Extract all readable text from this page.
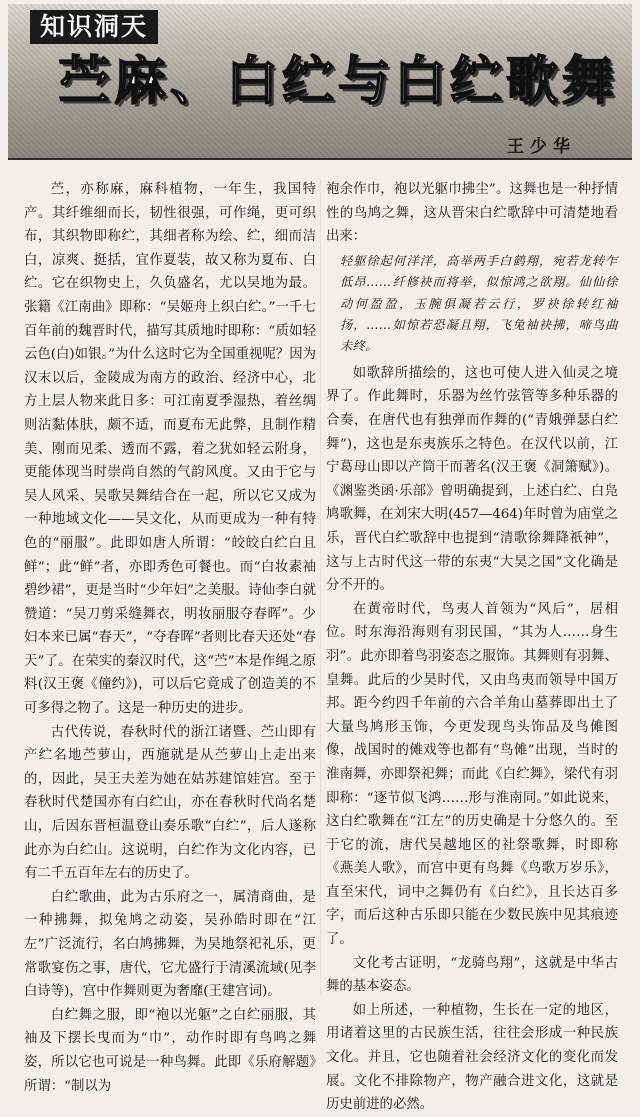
知识洞天
苎麻、白纻与白纻歌舞
王少华

苎，亦称麻，麻科植物，一年生，我国特产。其纤维细而长，韧性很强，可作绳，更可织布，其织物即称纻，其细者称为绘、纻，细而洁白，凉爽、挺括，宜作夏装，故又称为夏布、白纻。它在织物史上，久负盛名，尤以吴地为最。张籍《江南曲》即称：“吴姬舟上织白纻。”一千七百年前的魏晋时代，描写其质地时即称：“质如轻云色(白)如银。”为什么这时它为全国重视呢？因为汉末以后，金陵成为南方的政治、经济中心，北方上层人物来此日多：可江南夏季湿热，着丝绸则沾黏体肤，颇不适，而夏布无此弊，且制作精美、刚而见柔、透而不露，着之犹如轻云附身，更能体现当时崇尚自然的气韵风度。又由于它与吴人风采、吴歌吴舞结合在一起，所以它又成为一种地域文化——吴文化，从而更成为一种有特色的“丽服”。此即如唐人所谓：“皎皎白纻白且鲜”；此“鲜”者，亦即秀色可餐也。而“白妆素袖碧纱裙”，更是当时“少年妇”之美服。诗仙李白就赞道：“吴刀剪采缝舞衣，明妆丽服夺春晖”。少妇本来已属“春天”，“夺春晖”者则比春天还处“春天”了。在荣实的秦汉时代，这“苎”本是作绳之原料(汉王褒《僮约》)，可以后它竟成了创造美的不可多得之物了。这是一种历史的进步。

古代传说，春秋时代的浙江诸暨、苎山即有产纻名地苎萝山，西施就是从苎萝山上走出来的，因此，吴王夫差为她在姑苏建馆娃宫。至于春秋时代楚国亦有白纻山，亦在春秋时代尚名楚山，后因东晋桓温登山奏乐歌“白纻”，后人遂称此亦为白纻山。这说明，白纻作为文化内容，已有二千五百年左右的历史了。

白纻歌曲，此为古乐府之一，属清商曲，是一种拂舞，拟兔鸠之动姿，吴孙皓时即在“江左”广泛流行，名白鸠拂舞，为吴地祭祀礼乐，更常歌宴伤之事，唐代，它尤盛行于清溪流域(见李白诗等)，宫中作舞则更为奢靡(王建宫词)。

白纻舞之服，即“袍以光躯”之白纻丽服，其袖及下摆长曳而为“巾”，动作时即有鸟鸣之舞姿，所以它也可说是一种鸟舞。此即《乐府解题》所谓：“制以为

袍余作巾，袍以光躯巾拂尘”。这舞也是一种抒情性的鸟鸠之舞，这从晋宋白纻歌辞中可清楚地看出来：

轻躯徐起何洋洋，高举两手白鹤翔，宛若龙转乍低昂……纤修袂而将举，似惊鸿之欲翔。仙仙徐动何盈盈，玉腕俱凝若云行，罗袂徐转红袖扬，……如惊若恐凝且翔，飞兔袖袂拂，啼鸟曲未终。

如歌辞所描绘的，这也可使人进入仙灵之境界了。作此舞时，乐器为丝竹弦管等多种乐器的合奏，在唐代也有独弹而作舞的(“青娥弹瑟白纻舞”)，这也是东夷族乐之特色。在汉代以前，江宁葛母山即以产筒干而著名(汉王褒《洞箫赋》)。《渊鉴类函·乐部》曾明确提到，上述白纻、白凫鸠歌舞，在刘宋大明(457—464)年时曾为庙堂之乐，晋代白纻歌辞中也提到“清歌徐舞降祇神”，这与上古时代这一带的东夷“大昊之国”文化确是分不开的。

在黄帝时代，鸟夷人首领为“风后”，居相位。时东海沿海则有羽民国，“其为人……身生羽”。此亦即着鸟羽姿态之服饰。其舞则有羽舞、皇舞。此后的少昊时代，又由鸟夷而领导中国万邦。距今约四千年前的六合羊角山墓葬即出土了大量鸟鸠形玉饰，今更发现鸟头饰品及鸟傩图像，战国时的傩戏等也都有“鸟傩”出现，当时的淮南舞，亦即祭祀舞；而此《白纻舞》，梁代有羽即称：“逐节似飞鸿……形与淮南同。”如此说来，这白纻歌舞在“江左”的历史确是十分悠久的。至于它的流，唐代吴越地区的社祭歌舞，时即称《燕美人歌》，而宫中更有鸟舞《鸟歌万岁乐》，直至宋代，词中之舞仍有《白纻》，且长达百多字，而后这种古乐即只能在少数民族中见其痕迹了。

文化考古证明，“龙骑鸟翔”，这就是中华古舞的基本姿态。

如上所述，一种植物，生长在一定的地区，用诸着这里的古民族生活，往往会形成一种民族文化。并且，它也随着社会经济文化的变化而发展。文化不排除物产，物产融合进文化，这就是历史前进的必然。
